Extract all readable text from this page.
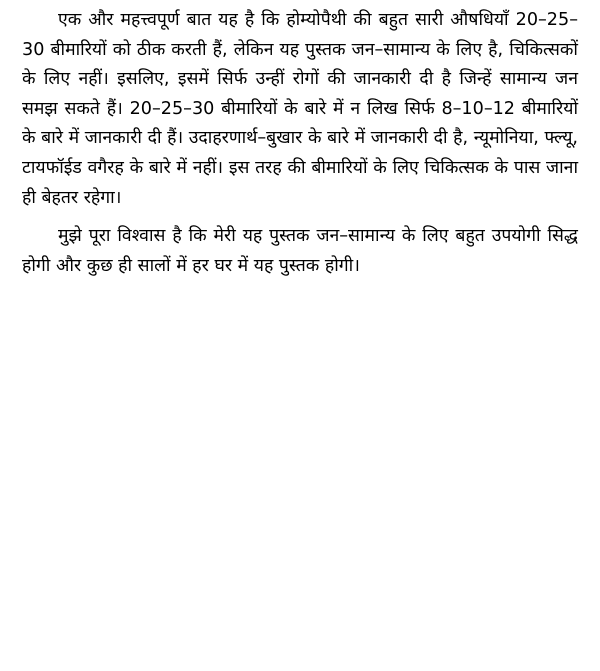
एक और महत्त्वपूर्ण बात यह है कि होम्योपैथी की बहुत सारी औषधियाँ 20–25–30 बीमारियों को ठीक करती हैं, लेकिन यह पुस्तक जन–सामान्य के लिए है, चिकित्सकों के लिए नहीं। इसलिए, इसमें सिर्फ उन्हीं रोगों की जानकारी दी है जिन्हें सामान्य जन समझ सकते हैं। 20–25–30 बीमारियों के बारे में न लिख सिर्फ 8–10–12 बीमारियों के बारे में जानकारी दी हैं। उदाहरणार्थ–बुखार के बारे में जानकारी दी है, न्यूमोनिया, फ्ल्यू, टायफॉईड वगैरह के बारे में नहीं। इस तरह की बीमारियों के लिए चिकित्सक के पास जाना ही बेहतर रहेगा।

मुझे पूरा विश्वास है कि मेरी यह पुस्तक जन–सामान्य के लिए बहुत उपयोगी सिद्ध होगी और कुछ ही सालों में हर घर में यह पुस्तक होगी।
